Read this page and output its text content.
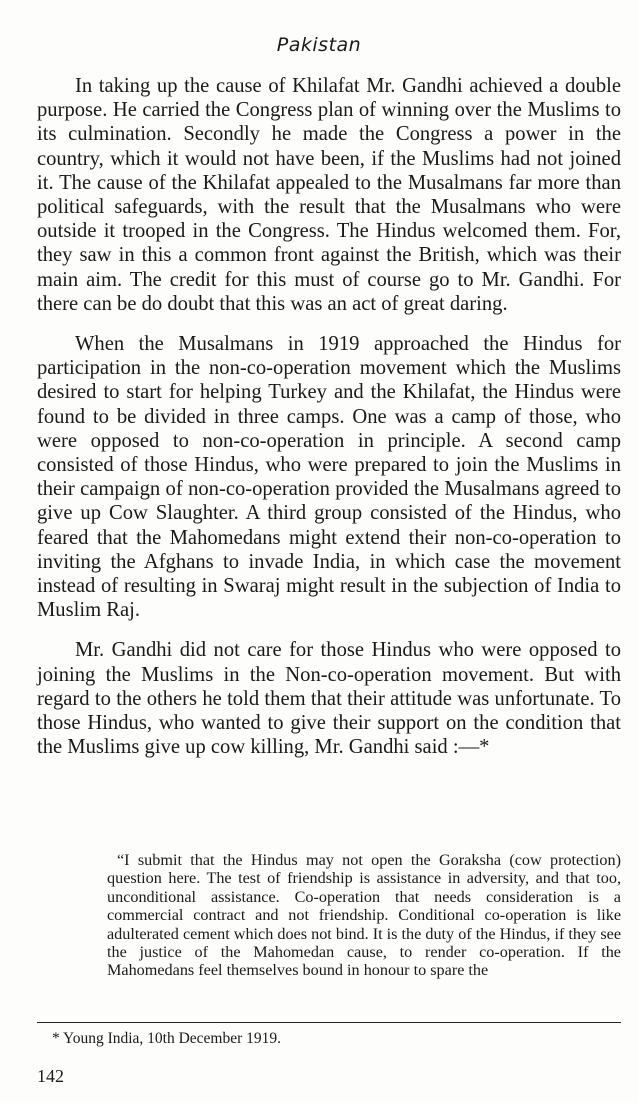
Pakistan

In taking up the cause of Khilafat Mr. Gandhi achieved a double purpose. He carried the Congress plan of winning over the Muslims to its culmination. Secondly he made the Congress a power in the country, which it would not have been, if the Muslims had not joined it. The cause of the Khilafat appealed to the Musalmans far more than political safeguards, with the result that the Musalmans who were outside it trooped in the Congress. The Hindus welcomed them. For, they saw in this a common front against the British, which was their main aim. The credit for this must of course go to Mr. Gandhi. For there can be do doubt that this was an act of great daring.

When the Musalmans in 1919 approached the Hindus for participation in the non-co-operation movement which the Muslims desired to start for helping Turkey and the Khilafat, the Hindus were found to be divided in three camps. One was a camp of those, who were opposed to non-co-operation in principle. A second camp consisted of those Hindus, who were prepared to join the Muslims in their campaign of non-co-operation provided the Musalmans agreed to give up Cow Slaughter. A third group consisted of the Hindus, who feared that the Mahomedans might extend their non-co-operation to inviting the Afghans to invade India, in which case the movement instead of resulting in Swaraj might result in the subjection of India to Muslim Raj.

Mr. Gandhi did not care for those Hindus who were opposed to joining the Muslims in the Non-co-operation movement. But with regard to the others he told them that their attitude was unfortunate. To those Hindus, who wanted to give their support on the condition that the Muslims give up cow killing, Mr. Gandhi said :—*

“I submit that the Hindus may not open the Goraksha (cow protection) question here. The test of friendship is assistance in adversity, and that too, unconditional assistance. Co-operation that needs consideration is a commercial contract and not friendship. Conditional co-operation is like adulterated cement which does not bind. It is the duty of the Hindus, if they see the justice of the Mahomedan cause, to render co-operation. If the Mahomedans feel themselves bound in honour to spare the

* Young India, 10th December 1919.
142
